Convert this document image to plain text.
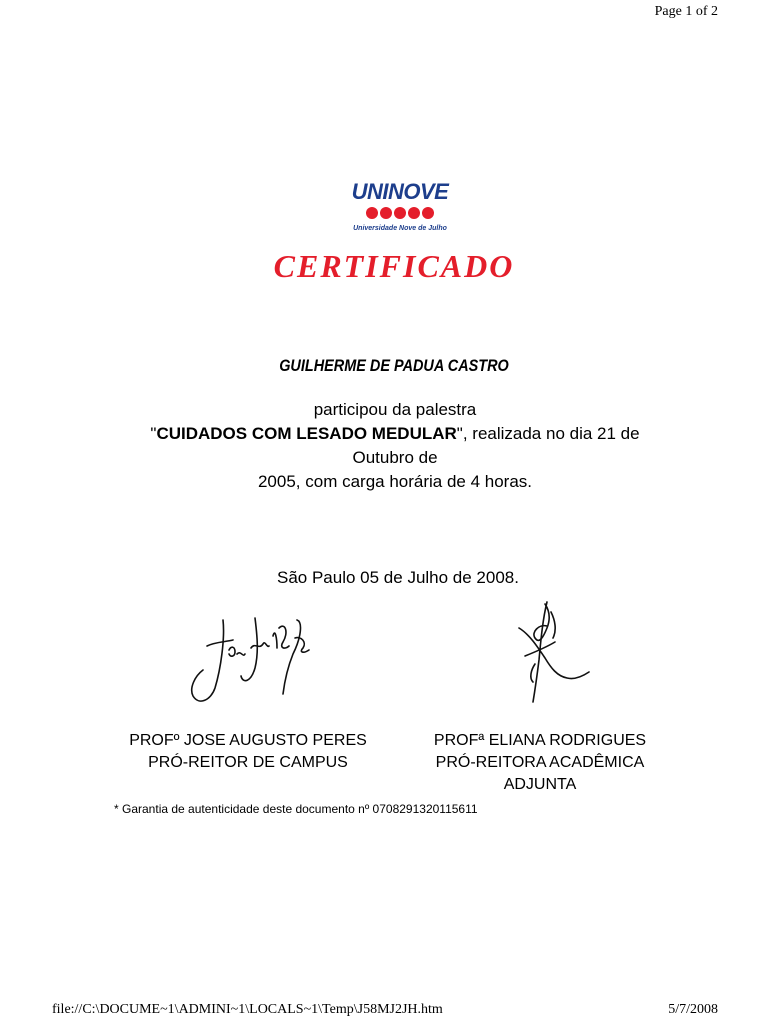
Page 1 of 2
UNINOVE
Universidade Nove de Julho
CERTIFICADO
GUILHERME DE PADUA CASTRO
participou da palestra
"CUIDADOS COM LESADO MEDULAR", realizada no dia 21 de Outubro de
2005, com carga horária de 4 horas.
São Paulo 05 de Julho de 2008.
PROFº JOSE AUGUSTO PERES
PRÓ-REITOR DE CAMPUS
PROFª ELIANA RODRIGUES
PRÓ-REITORA ACADÊMICA ADJUNTA
* Garantia de autenticidade deste documento nº 0708291320115611
file://C:\DOCUME~1\ADMINI~1\LOCALS~1\Temp\J58MJ2JH.htm	5/7/2008
